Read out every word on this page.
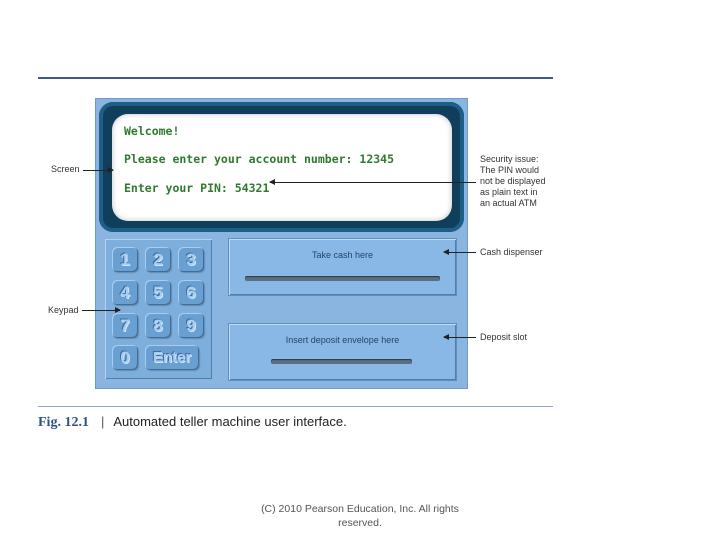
Welcome!
Please enter your account number: 12345
Enter your PIN: 54321
1	2	3
4	5	6
7	8	9
0	Enter
Take cash here
Insert deposit envelope here
Screen
Keypad
Security issue:
The PIN would
not be displayed
as plain text in
an actual ATM
Cash dispenser
Deposit slot
Fig. 12.1 | Automated teller machine user interface.
(C) 2010 Pearson Education, Inc. All rights
reserved.
